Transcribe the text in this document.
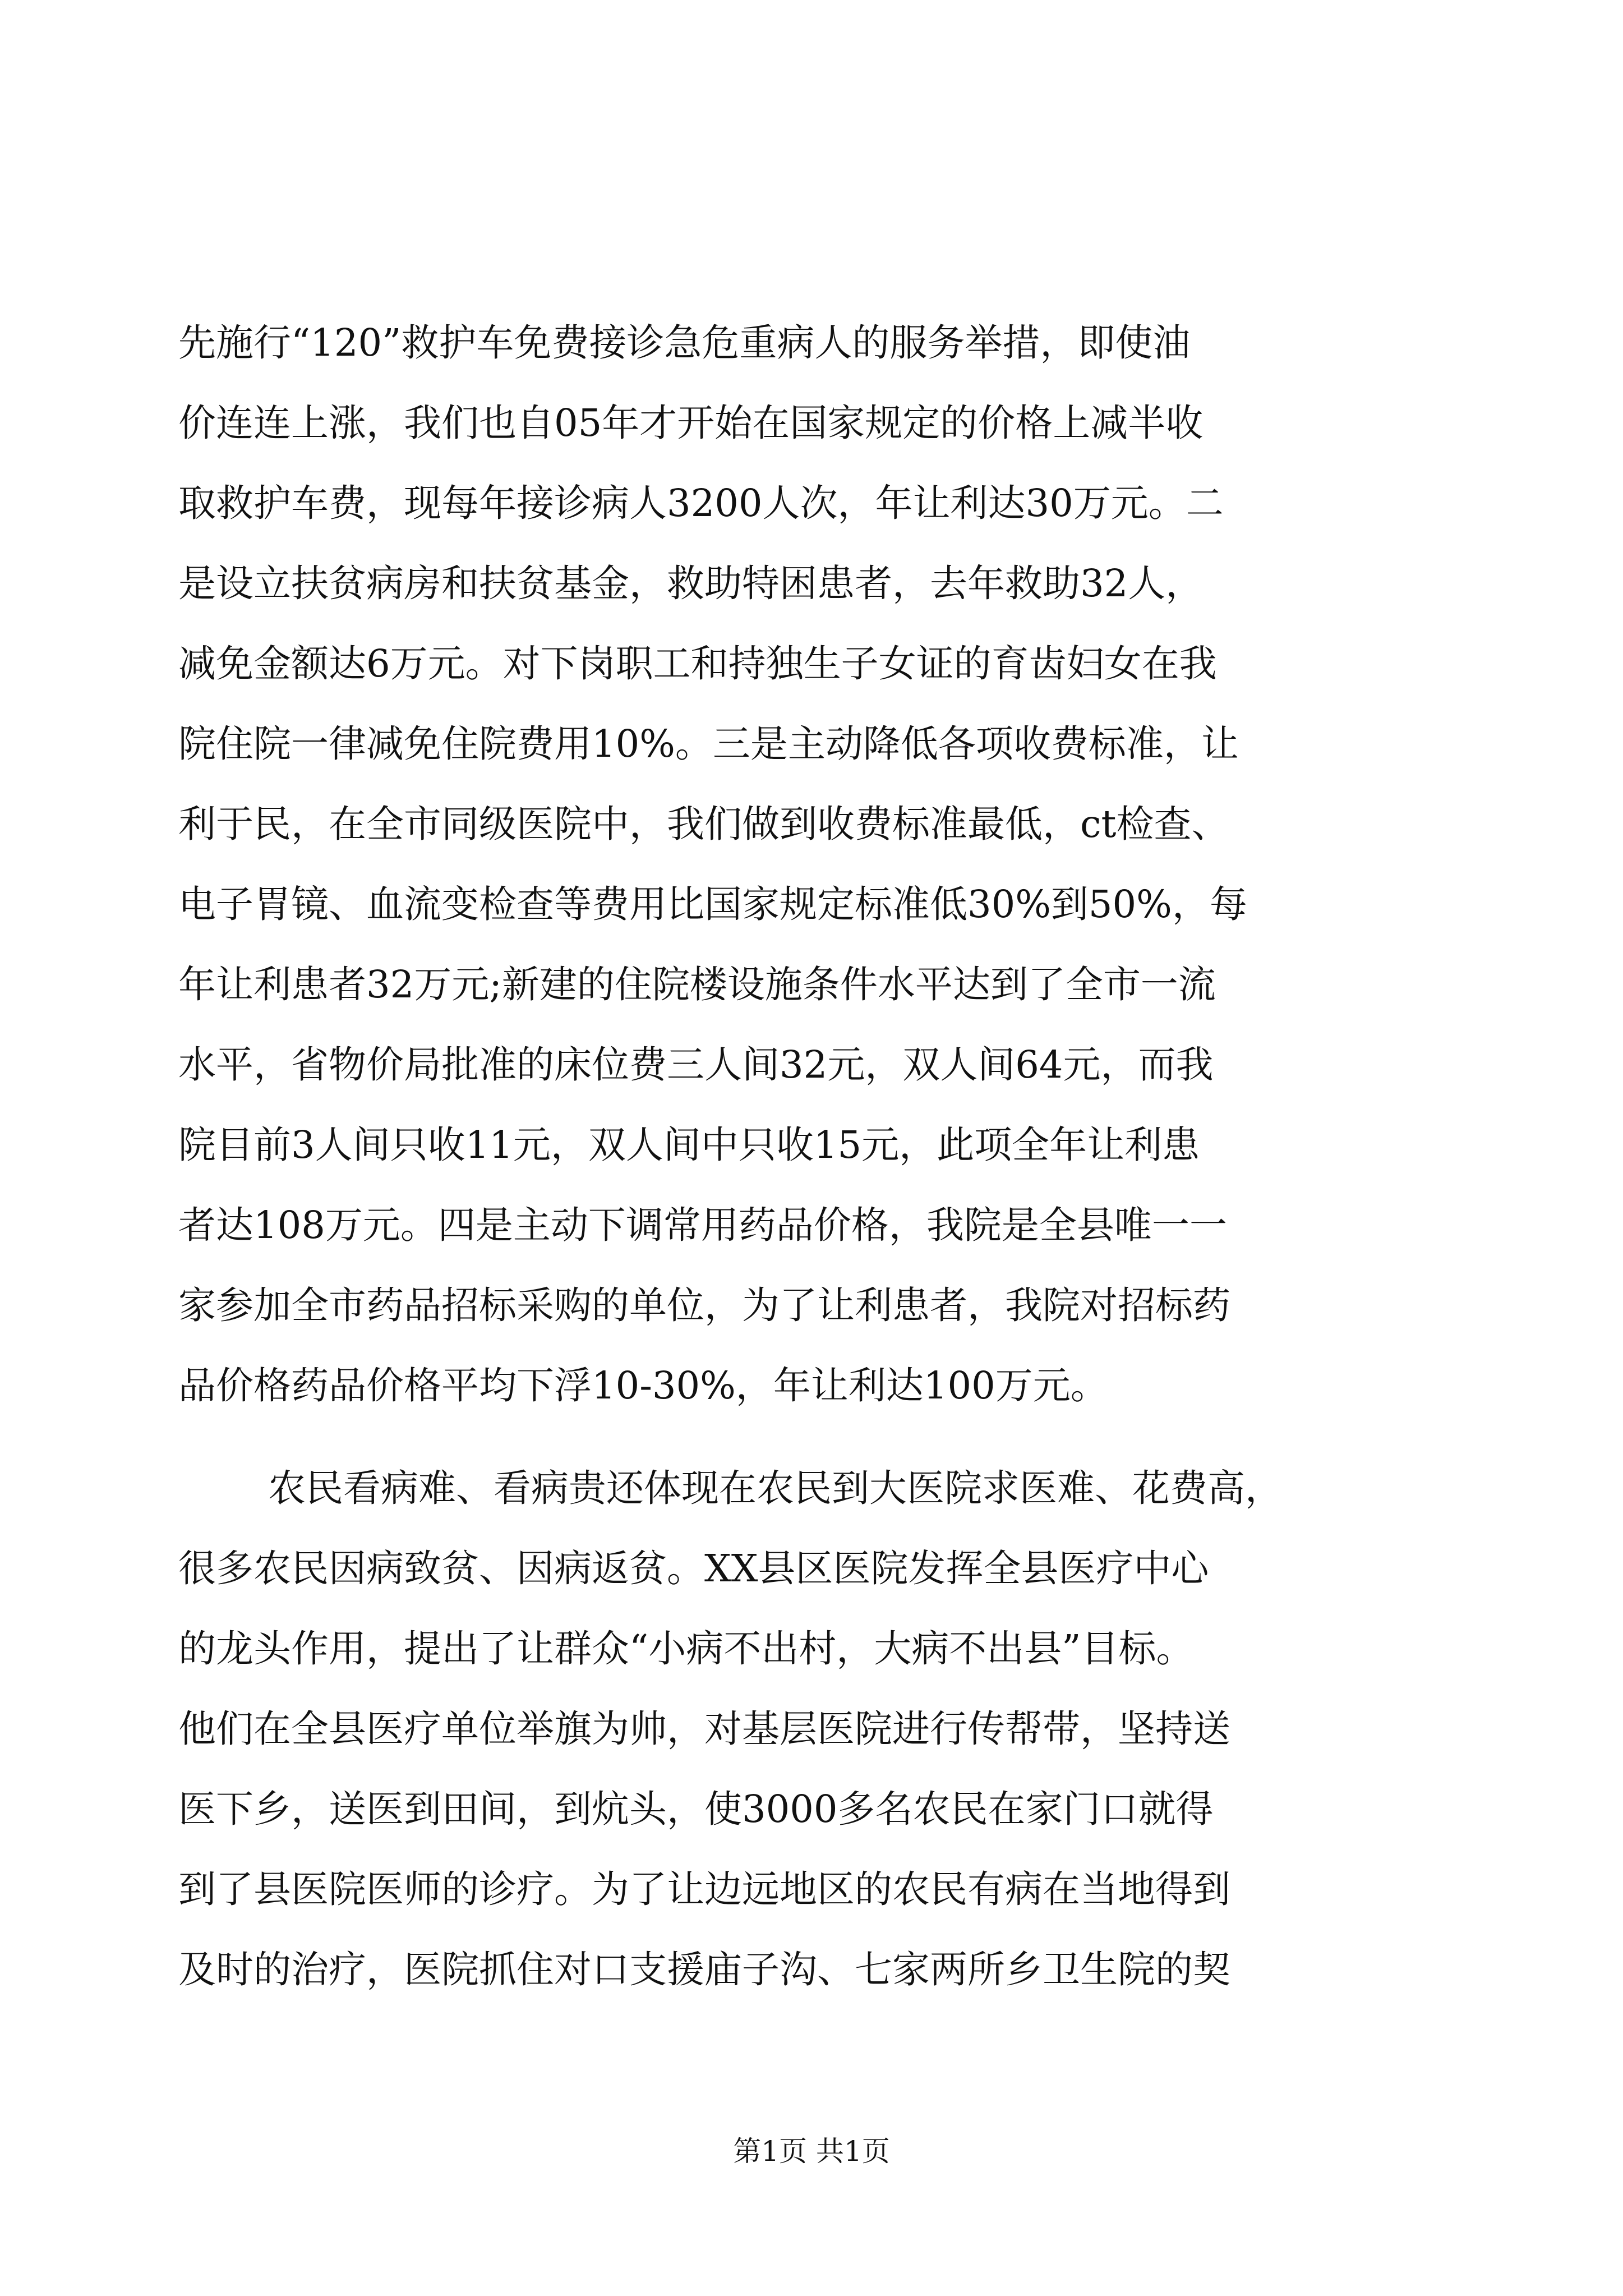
先施行“120”救护车免费接诊急危重病人的服务举措，即使油
价连连上涨，我们也自05年才开始在国家规定的价格上减半收
取救护车费，现每年接诊病人3200人次，年让利达30万元。二
是设立扶贫病房和扶贫基金，救助特困患者，去年救助32人，
减免金额达6万元。对下岗职工和持独生子女证的育齿妇女在我
院住院一律减免住院费用10%。三是主动降低各项收费标准，让
利于民，在全市同级医院中，我们做到收费标准最低，ct检查、
电子胃镜、血流变检查等费用比国家规定标准低30%到50%，每
年让利患者32万元;新建的住院楼设施条件水平达到了全市一流
水平，省物价局批准的床位费三人间32元，双人间64元，而我
院目前3人间只收11元，双人间中只收15元，此项全年让利患
者达108万元。四是主动下调常用药品价格，我院是全县唯一一
家参加全市药品招标采购的单位，为了让利患者，我院对招标药
品价格药品价格平均下浮10-30%，年让利达100万元。
农民看病难、看病贵还体现在农民到大医院求医难、花费高，
很多农民因病致贫、因病返贫。XX县区医院发挥全县医疗中心
的龙头作用，提出了让群众“小病不出村，大病不出县”目标。
他们在全县医疗单位举旗为帅，对基层医院进行传帮带，坚持送
医下乡，送医到田间，到炕头，使3000多名农民在家门口就得
到了县医院医师的诊疗。为了让边远地区的农民有病在当地得到
及时的治疗，医院抓住对口支援庙子沟、七家两所乡卫生院的契
第1页 共1页
